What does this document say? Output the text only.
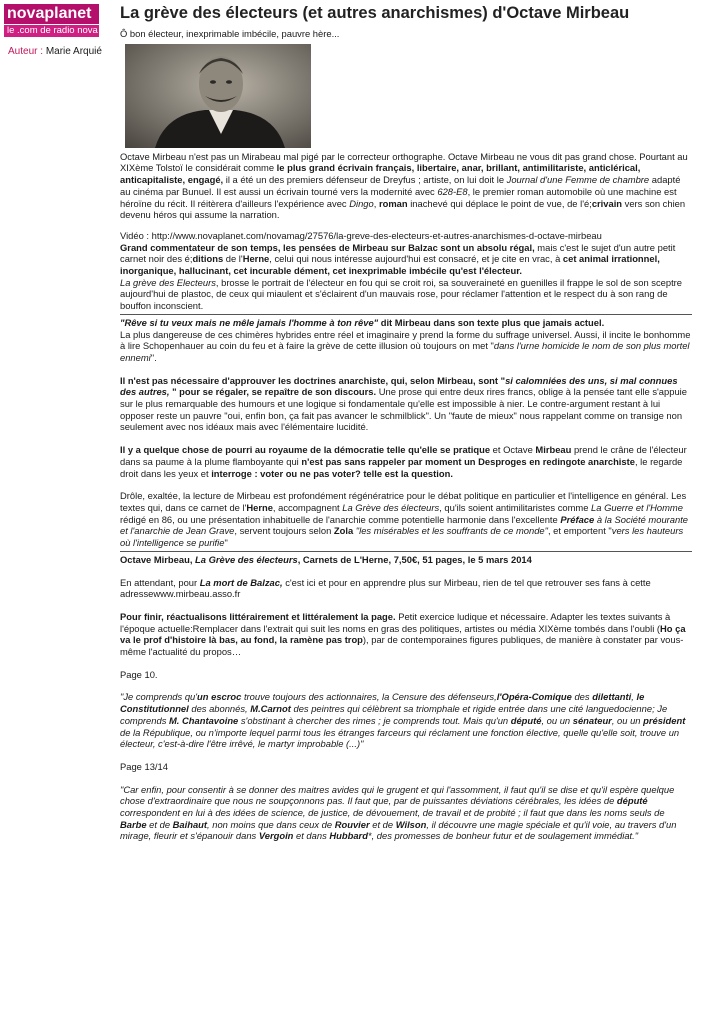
novaplanet
le .com de radio nova
Auteur : Marie Arquié
La grève des électeurs (et autres anarchismes) d'Octave Mirbeau

Ô bon électeur, inexprimable imbécile, pauvre hère...

Octave Mirbeau n'est pas un Mirabeau mal pigé par le correcteur orthographe. Octave Mirbeau ne vous dit pas grand chose. Pourtant au XIXème Tolstoï le considérait comme le plus grand écrivain français, libertaire, anar, brillant, antimilitariste, anticlérical, anticapitaliste, engagé, il a été un des premiers défenseur de Dreyfus ; artiste, on lui doit le Journal d'une Femme de chambre adapté au cinéma par Bunuel. Il est aussi un écrivain tourné vers la modernité avec 628-E8, le premier roman automobile où une machine est héroïne du récit. Il réitèrera d'ailleurs l'expérience avec Dingo, roman inachevé qui déplace le point de vue, de l'é;crivain vers son chien devenu héros qui assume la narration.

Vidéo : http://www.novaplanet.com/novamag/27576/la-greve-des-electeurs-et-autres-anarchismes-d-octave-mirbeau

Grand commentateur de son temps, les pensées de Mirbeau sur Balzac sont un absolu régal, mais c'est le sujet d'un autre petit carnet noir des é;ditions de l'Herne, celui qui nous intéresse aujourd'hui est consacré, et je cite en vrac, à cet animal irrationnel, inorganique, hallucinant, cet incurable dément, cet inexprimable imbécile qu'est l'électeur.

La grève des Electeurs, brosse le portrait de l'électeur en fou qui se croit roi, sa souveraineté en guenilles il frappe le sol de son sceptre aujourd'hui de plastoc, de ceux qui miaulent et s'éclairent d'un mauvais rose, pour réclamer l'attention et le respect du à son rang de bouffon inconscient.

"Rêve si tu veux mais ne mêle jamais l'homme à ton rêve" dit Mirbeau dans son texte plus que jamais actuel.

La plus dangereuse de ces chimères hybrides entre réel et imaginaire y prend la forme du suffrage universel. Aussi, il incite le bonhomme à lire Schopenhauer au coin du feu et à faire la grève de cette illusion où toujours on met "dans l'urne homicide le nom de son plus mortel ennemi".

Il n'est pas nécessaire d'approuver les doctrines anarchiste, qui, selon Mirbeau, sont "si calomniées des uns, si mal connues des autres, " pour se régaler, se repaître de son discours. Une prose qui entre deux rires francs, oblige à la pensée tant elle s'appuie sur le plus remarquable des humours et une logique si fondamentale qu'elle est impossible à nier. Le contre-argument restant à lui opposer reste un pauvre "oui, enfin bon, ça fait pas avancer le schmilblick". Un "faute de mieux" nous rappelant comme on transige non seulement avec nos idéaux mais avec l'élémentaire lucidité.

Il y a quelque chose de pourri au royaume de la démocratie telle qu'elle se pratique et Octave Mirbeau prend le crâne de l'électeur dans sa paume à la plume flamboyante qui n'est pas sans rappeler par moment un Desproges en redingote anarchiste, le regarde droit dans les yeux et interroge : voter ou ne pas voter? telle est la question.

Drôle, exaltée, la lecture de Mirbeau est profondément régénératrice pour le débat politique en particulier et l'intelligence en général. Les textes qui, dans ce carnet de l'Herne, accompagnent La Grève des électeurs, qu'ils soient antimilitaristes comme La Guerre et l'Homme rédigé en 86, ou une présentation inhabituelle de l'anarchie comme potentielle harmonie dans l'excellente Préface à la Société mourante et l'anarchie de Jean Grave, servent toujours selon Zola "les misérables et les souffrants de ce monde", et emportent "vers les hauteurs où l'intelligence se purifie"

Octave Mirbeau, La Grève des électeurs, Carnets de L'Herne, 7,50€, 51 pages, le 5 mars 2014

En attendant, pour La mort de Balzac, c'est ici et pour en apprendre plus sur Mirbeau, rien de tel que retrouver ses fans à cette adressewww.mirbeau.asso.fr

Pour finir, réactualisons littérairement et littéralement la page. Petit exercice ludique et nécessaire. Adapter les textes suivants à l'époque actuelle:Remplacer dans l'extrait qui suit les noms en gras des politiques, artistes ou média XIXème tombés dans l'oubli (Ho ça va le prof d'histoire là bas, au fond, la ramène pas trop), par de contemporaines figures publiques, de manière à constater par vous-même l'actualité du propos…

Page 10.

"Je comprends qu'un escroc trouve toujours des actionnaires, la Censure des défenseurs,l'Opéra-Comique des dilettanti, le Constitutionnel des abonnés, M.Carnot des peintres qui célèbrent sa triomphale et rigide entrée dans une cité languedocienne; Je comprends M. Chantavoine s'obstinant à chercher des rimes ; je comprends tout. Mais qu'un député, ou un sénateur, ou un président de la République, ou n'importe lequel parmi tous les étranges farceurs qui réclament une fonction élective, quelle qu'elle soit, trouve un électeur, c'est-à-dire l'être irrêvé, le martyr improbable (...)"

Page 13/14

"Car enfin, pour consentir à se donner des maitres avides qui le grugent et qui l'assomment, il faut qu'il se dise et qu'il espère quelque chose d'extraordinaire que nous ne soupçonnons pas. Il faut que, par de puissantes déviations cérébrales, les idées de député correspondent en lui à des idées de science, de justice, de dévouement, de travail et de probité ; il faut que dans les noms seuls de Barbe et de Baihaut, non moins que dans ceux de Rouvier et de Wilson, il découvre une magie spéciale et qu'il voie, au travers d'un mirage, fleurir et s'épanouir dans Vergoin et dans Hubbard*, des promesses de bonheur futur et de soulagement immédiat."
